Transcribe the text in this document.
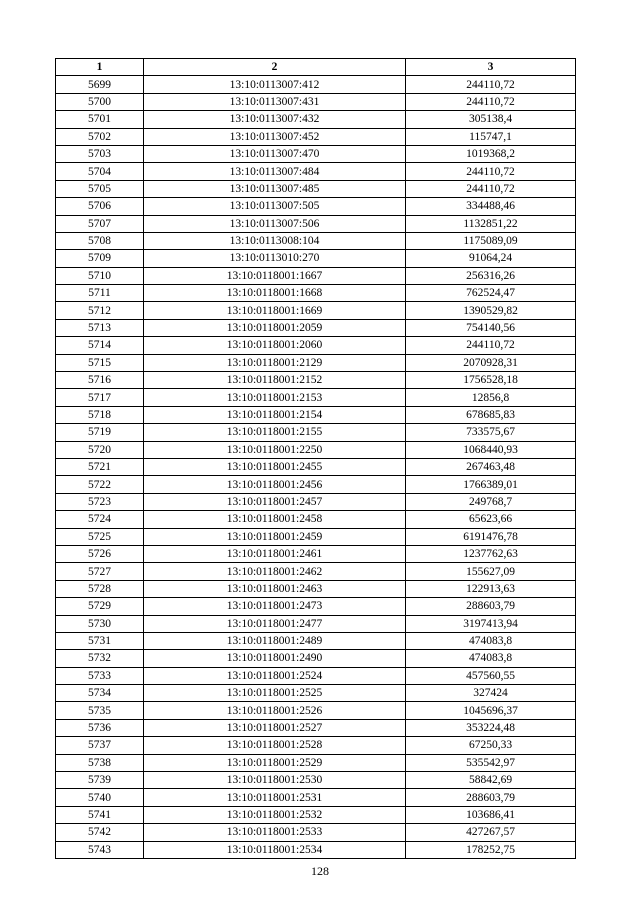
1	2	3
5699	13:10:0113007:412	244110,72
5700	13:10:0113007:431	244110,72
5701	13:10:0113007:432	305138,4
5702	13:10:0113007:452	115747,1
5703	13:10:0113007:470	1019368,2
5704	13:10:0113007:484	244110,72
5705	13:10:0113007:485	244110,72
5706	13:10:0113007:505	334488,46
5707	13:10:0113007:506	1132851,22
5708	13:10:0113008:104	1175089,09
5709	13:10:0113010:270	91064,24
5710	13:10:0118001:1667	256316,26
5711	13:10:0118001:1668	762524,47
5712	13:10:0118001:1669	1390529,82
5713	13:10:0118001:2059	754140,56
5714	13:10:0118001:2060	244110,72
5715	13:10:0118001:2129	2070928,31
5716	13:10:0118001:2152	1756528,18
5717	13:10:0118001:2153	12856,8
5718	13:10:0118001:2154	678685,83
5719	13:10:0118001:2155	733575,67
5720	13:10:0118001:2250	1068440,93
5721	13:10:0118001:2455	267463,48
5722	13:10:0118001:2456	1766389,01
5723	13:10:0118001:2457	249768,7
5724	13:10:0118001:2458	65623,66
5725	13:10:0118001:2459	6191476,78
5726	13:10:0118001:2461	1237762,63
5727	13:10:0118001:2462	155627,09
5728	13:10:0118001:2463	122913,63
5729	13:10:0118001:2473	288603,79
5730	13:10:0118001:2477	3197413,94
5731	13:10:0118001:2489	474083,8
5732	13:10:0118001:2490	474083,8
5733	13:10:0118001:2524	457560,55
5734	13:10:0118001:2525	327424
5735	13:10:0118001:2526	1045696,37
5736	13:10:0118001:2527	353224,48
5737	13:10:0118001:2528	67250,33
5738	13:10:0118001:2529	535542,97
5739	13:10:0118001:2530	58842,69
5740	13:10:0118001:2531	288603,79
5741	13:10:0118001:2532	103686,41
5742	13:10:0118001:2533	427267,57
5743	13:10:0118001:2534	178252,75
128
